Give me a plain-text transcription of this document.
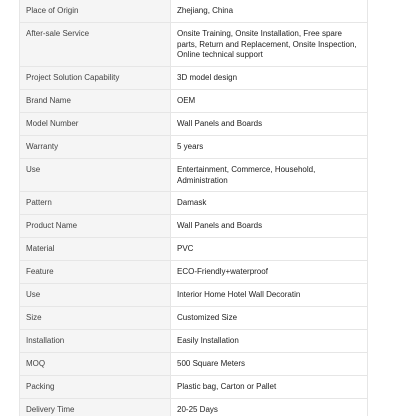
Place of Origin	Zhejiang, China
After-sale Service	Onsite Training, Onsite Installation, Free spare parts, Return and Replacement, Onsite Inspection, Online technical support
Project Solution Capability	3D model design
Brand Name	OEM
Model Number	Wall Panels and Boards
Warranty	5 years
Use	Entertainment, Commerce, Household, Administration
Pattern	Damask
Product Name	Wall Panels and Boards
Material	PVC
Feature	ECO-Friendly+waterproof
Use	Interior Home Hotel Wall Decoratin
Size	Customized Size
Installation	Easily Installation
MOQ	500 Square Meters
Packing	Plastic bag, Carton or Pallet
Delivery Time	20-25 Days
